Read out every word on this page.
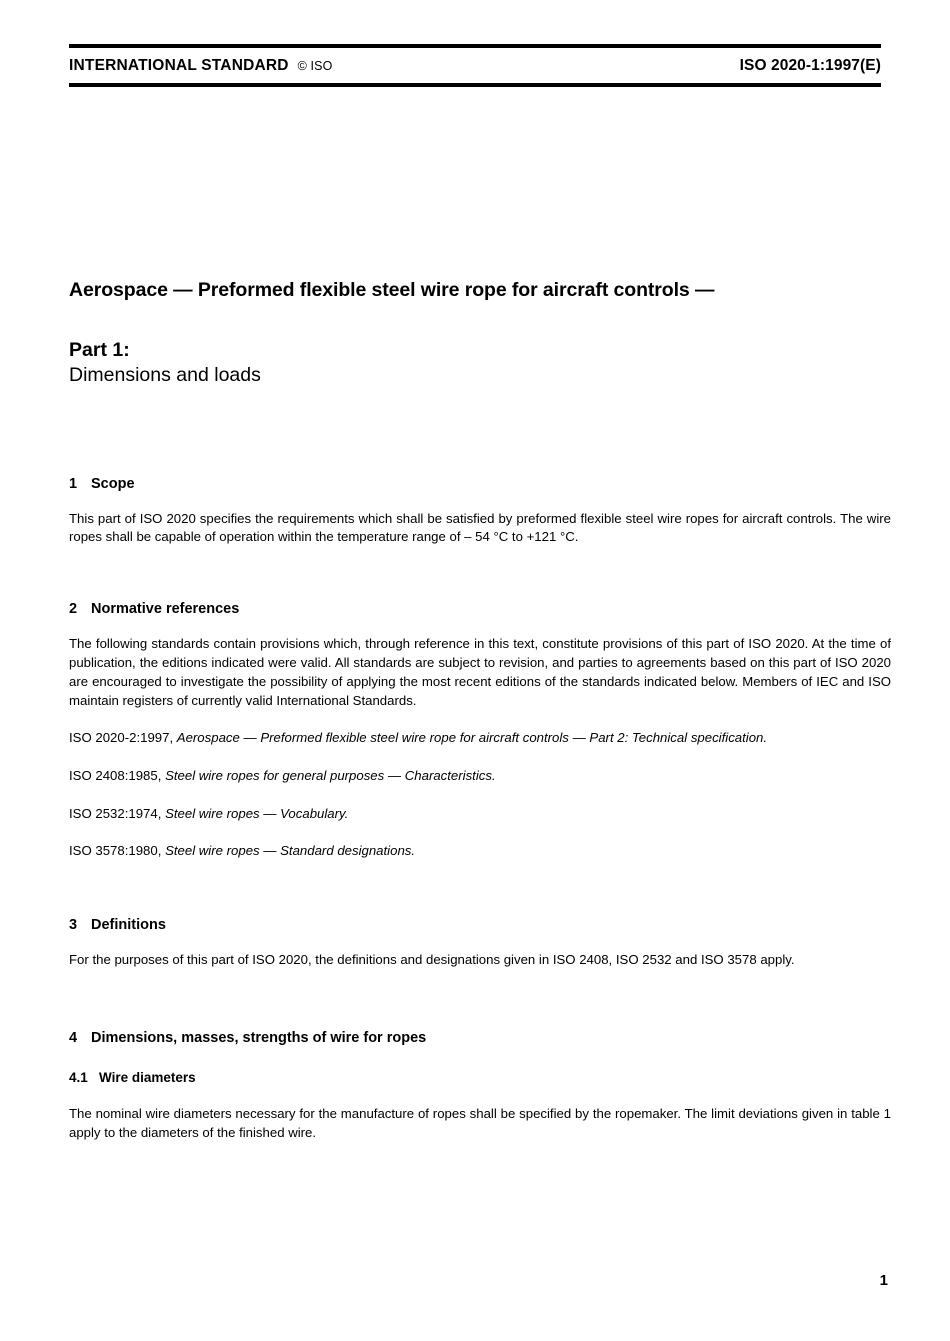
INTERNATIONAL STANDARD © ISO	ISO 2020-1:1997(E)
Aerospace — Preformed flexible steel wire rope for aircraft controls —
Part 1:
Dimensions and loads
1 Scope

This part of ISO 2020 specifies the requirements which shall be satisfied by preformed flexible steel wire ropes for aircraft controls. The wire ropes shall be capable of operation within the temperature range of – 54 °C to +121 °C.

2 Normative references

The following standards contain provisions which, through reference in this text, constitute provisions of this part of ISO 2020. At the time of publication, the editions indicated were valid. All standards are subject to revision, and parties to agreements based on this part of ISO 2020 are encouraged to investigate the possibility of applying the most recent editions of the standards indicated below. Members of IEC and ISO maintain registers of currently valid International Standards.

ISO 2020-2:1997, Aerospace — Preformed flexible steel wire rope for aircraft controls — Part 2: Technical specification.
ISO 2408:1985, Steel wire ropes for general purposes — Characteristics.
ISO 2532:1974, Steel wire ropes — Vocabulary.
ISO 3578:1980, Steel wire ropes — Standard designations.
3 Definitions

For the purposes of this part of ISO 2020, the definitions and designations given in ISO 2408, ISO 2532 and ISO 3578 apply.

4 Dimensions, masses, strengths of wire for ropes
4.1 Wire diameters

The nominal wire diameters necessary for the manufacture of ropes shall be specified by the ropemaker. The limit deviations given in table 1 apply to the diameters of the finished wire.

1
